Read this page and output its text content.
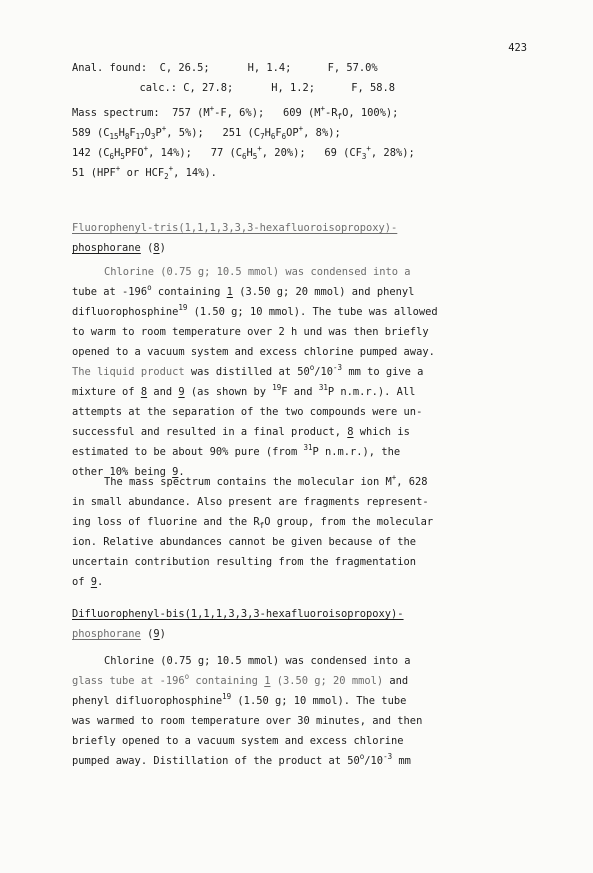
423
Anal. found: C, 26.5;	H, 1.4;	F, 57.0%
calc.: C, 27.8;	H, 1.2;	F, 58.8
Mass spectrum:  757 (M+-F, 6%);   609 ($M^+-R_fO$, 100%);
589 ($C_{15}H_8F_{17}O_3P^+$, 5%);   251 ($C_7H_6F_6OP^+$, 8%);
142 ($C_6H_5PFO^+$, 14%);   77 ($C_6H_5^+$, 20%);   69 ($CF_3^+$, 28%);
51 (HPF+ or $HCF_2^+$, 14%).
Fluorophenyl-tris(1,1,1,3,3,3-hexafluoroisopropoxy)-
phosphorane (8)
Chlorine (0.75 g; 10.5 mmol) was condensed into a
tube at -196$^o$ containing 1 (3.50 g; 20 mmol) and phenyl
difluorophosphine$^{19}$ (1.50 g; 10 mmol). The tube was allowed
to warm to room temperature over 2 h und was then briefly
opened to a vacuum system and excess chlorine pumped away.
The liquid product was distilled at $50^o/10^{-3}$ mm to give a
mixture of 8 and 9 (as shown by $^{19}$F and $^{31}$P n.m.r.). All
attempts at the separation of the two compounds were un-
successful and resulted in a final product, 8 which is
estimated to be about 90% pure (from $^{31}$P n.m.r.), the
other 10% being 9.
The mass spectrum contains the molecular ion M+, 628
in small abundance. Also present are fragments represent-
ing loss of fluorine and the $R_fO$ group, from the molecular
ion. Relative abundances cannot be given because of the
uncertain contribution resulting from the fragmentation
of 9.
Difluorophenyl-bis(1,1,1,3,3,3-hexafluoroisopropoxy)-
phosphorane (9)
Chlorine (0.75 g; 10.5 mmol) was condensed into a
glass tube at -196$^o$ containing 1 (3.50 g; 20 mmol) and
phenyl difluorophosphine$^{19}$ (1.50 g; 10 mmol). The tube
was warmed to room temperature over 30 minutes, and then
briefly opened to a vacuum system and excess chlorine
pumped away. Distillation of the product at $50^o/10^{-3}$ mm
